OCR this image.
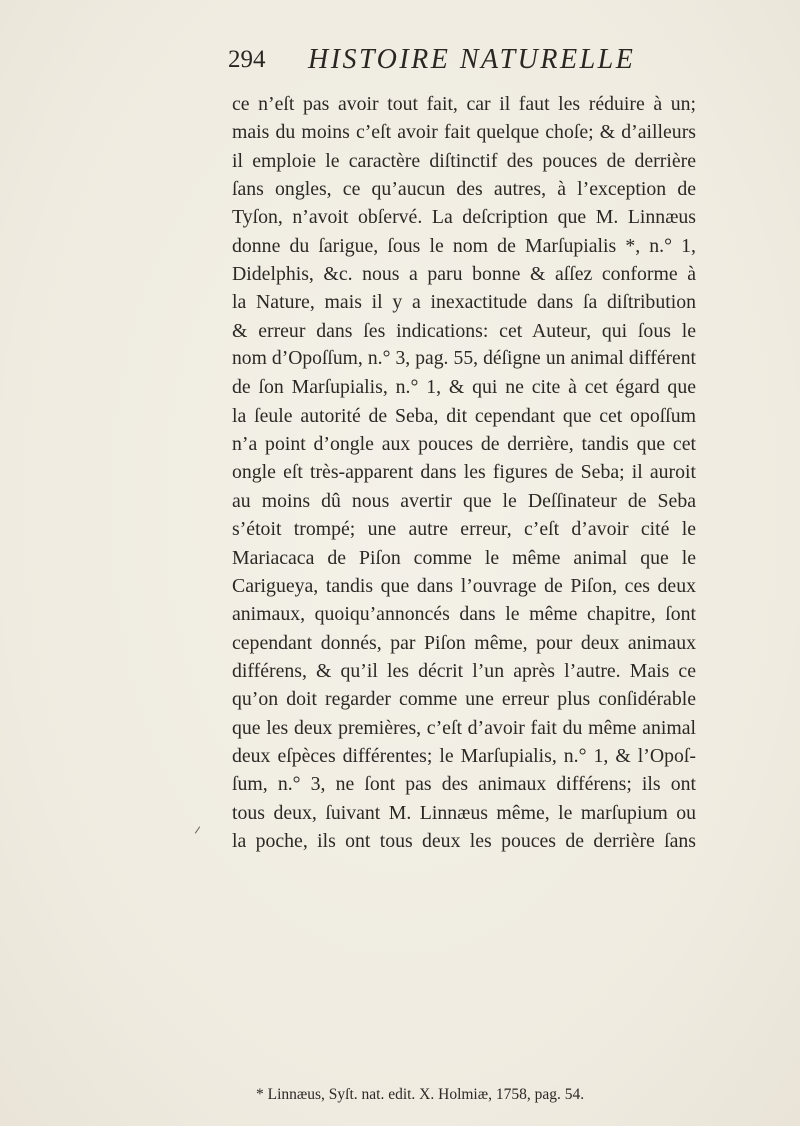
294 HISTOIRE NATURELLE
ce n’eſt pas avoir tout fait, car il faut les réduire à un;
mais du moins c’eſt avoir fait quelque choſe; & d’ailleurs
il emploie le caractère diſtinctif des pouces de derrière
ſans ongles, ce qu’aucun des autres, à l’exception de
Tyſon, n’avoit obſervé. La deſcription que M. Linnæus
donne du ſarigue, ſous le nom de Marſupialis *, n.° 1,
Didelphis, &c. nous a paru bonne & aſſez conforme à
la Nature, mais il y a inexactitude dans ſa diſtribution
& erreur dans ſes indications: cet Auteur, qui ſous le
nom d’Opoſſum, n.° 3, pag. 55, déſigne un animal différent
de ſon Marſupialis, n.° 1, & qui ne cite à cet égard que
la ſeule autorité de Seba, dit cependant que cet opoſſum
n’a point d’ongle aux pouces de derrière, tandis que cet
ongle eſt très-apparent dans les figures de Seba; il auroit
au moins dû nous avertir que le Deſſinateur de Seba
s’étoit trompé; une autre erreur, c’eſt d’avoir cité le
Mariacaca de Piſon comme le même animal que le
Carigueya, tandis que dans l’ouvrage de Piſon, ces deux
animaux, quoiqu’annoncés dans le même chapitre, ſont
cependant donnés, par Piſon même, pour deux animaux
différens, & qu’il les décrit l’un après l’autre. Mais ce
qu’on doit regarder comme une erreur plus conſidérable
que les deux premières, c’eſt d’avoir fait du même animal
deux eſpèces différentes; le Marſupialis, n.° 1, & l’Opoſ-
ſum, n.° 3, ne ſont pas des animaux différens; ils ont
tous deux, ſuivant M. Linnæus même, le marſupium ou
la poche, ils ont tous deux les pouces de derrière ſans
* Linnæus, Syſt. nat. edit. X. Holmiæ, 1758, pag. 54.
